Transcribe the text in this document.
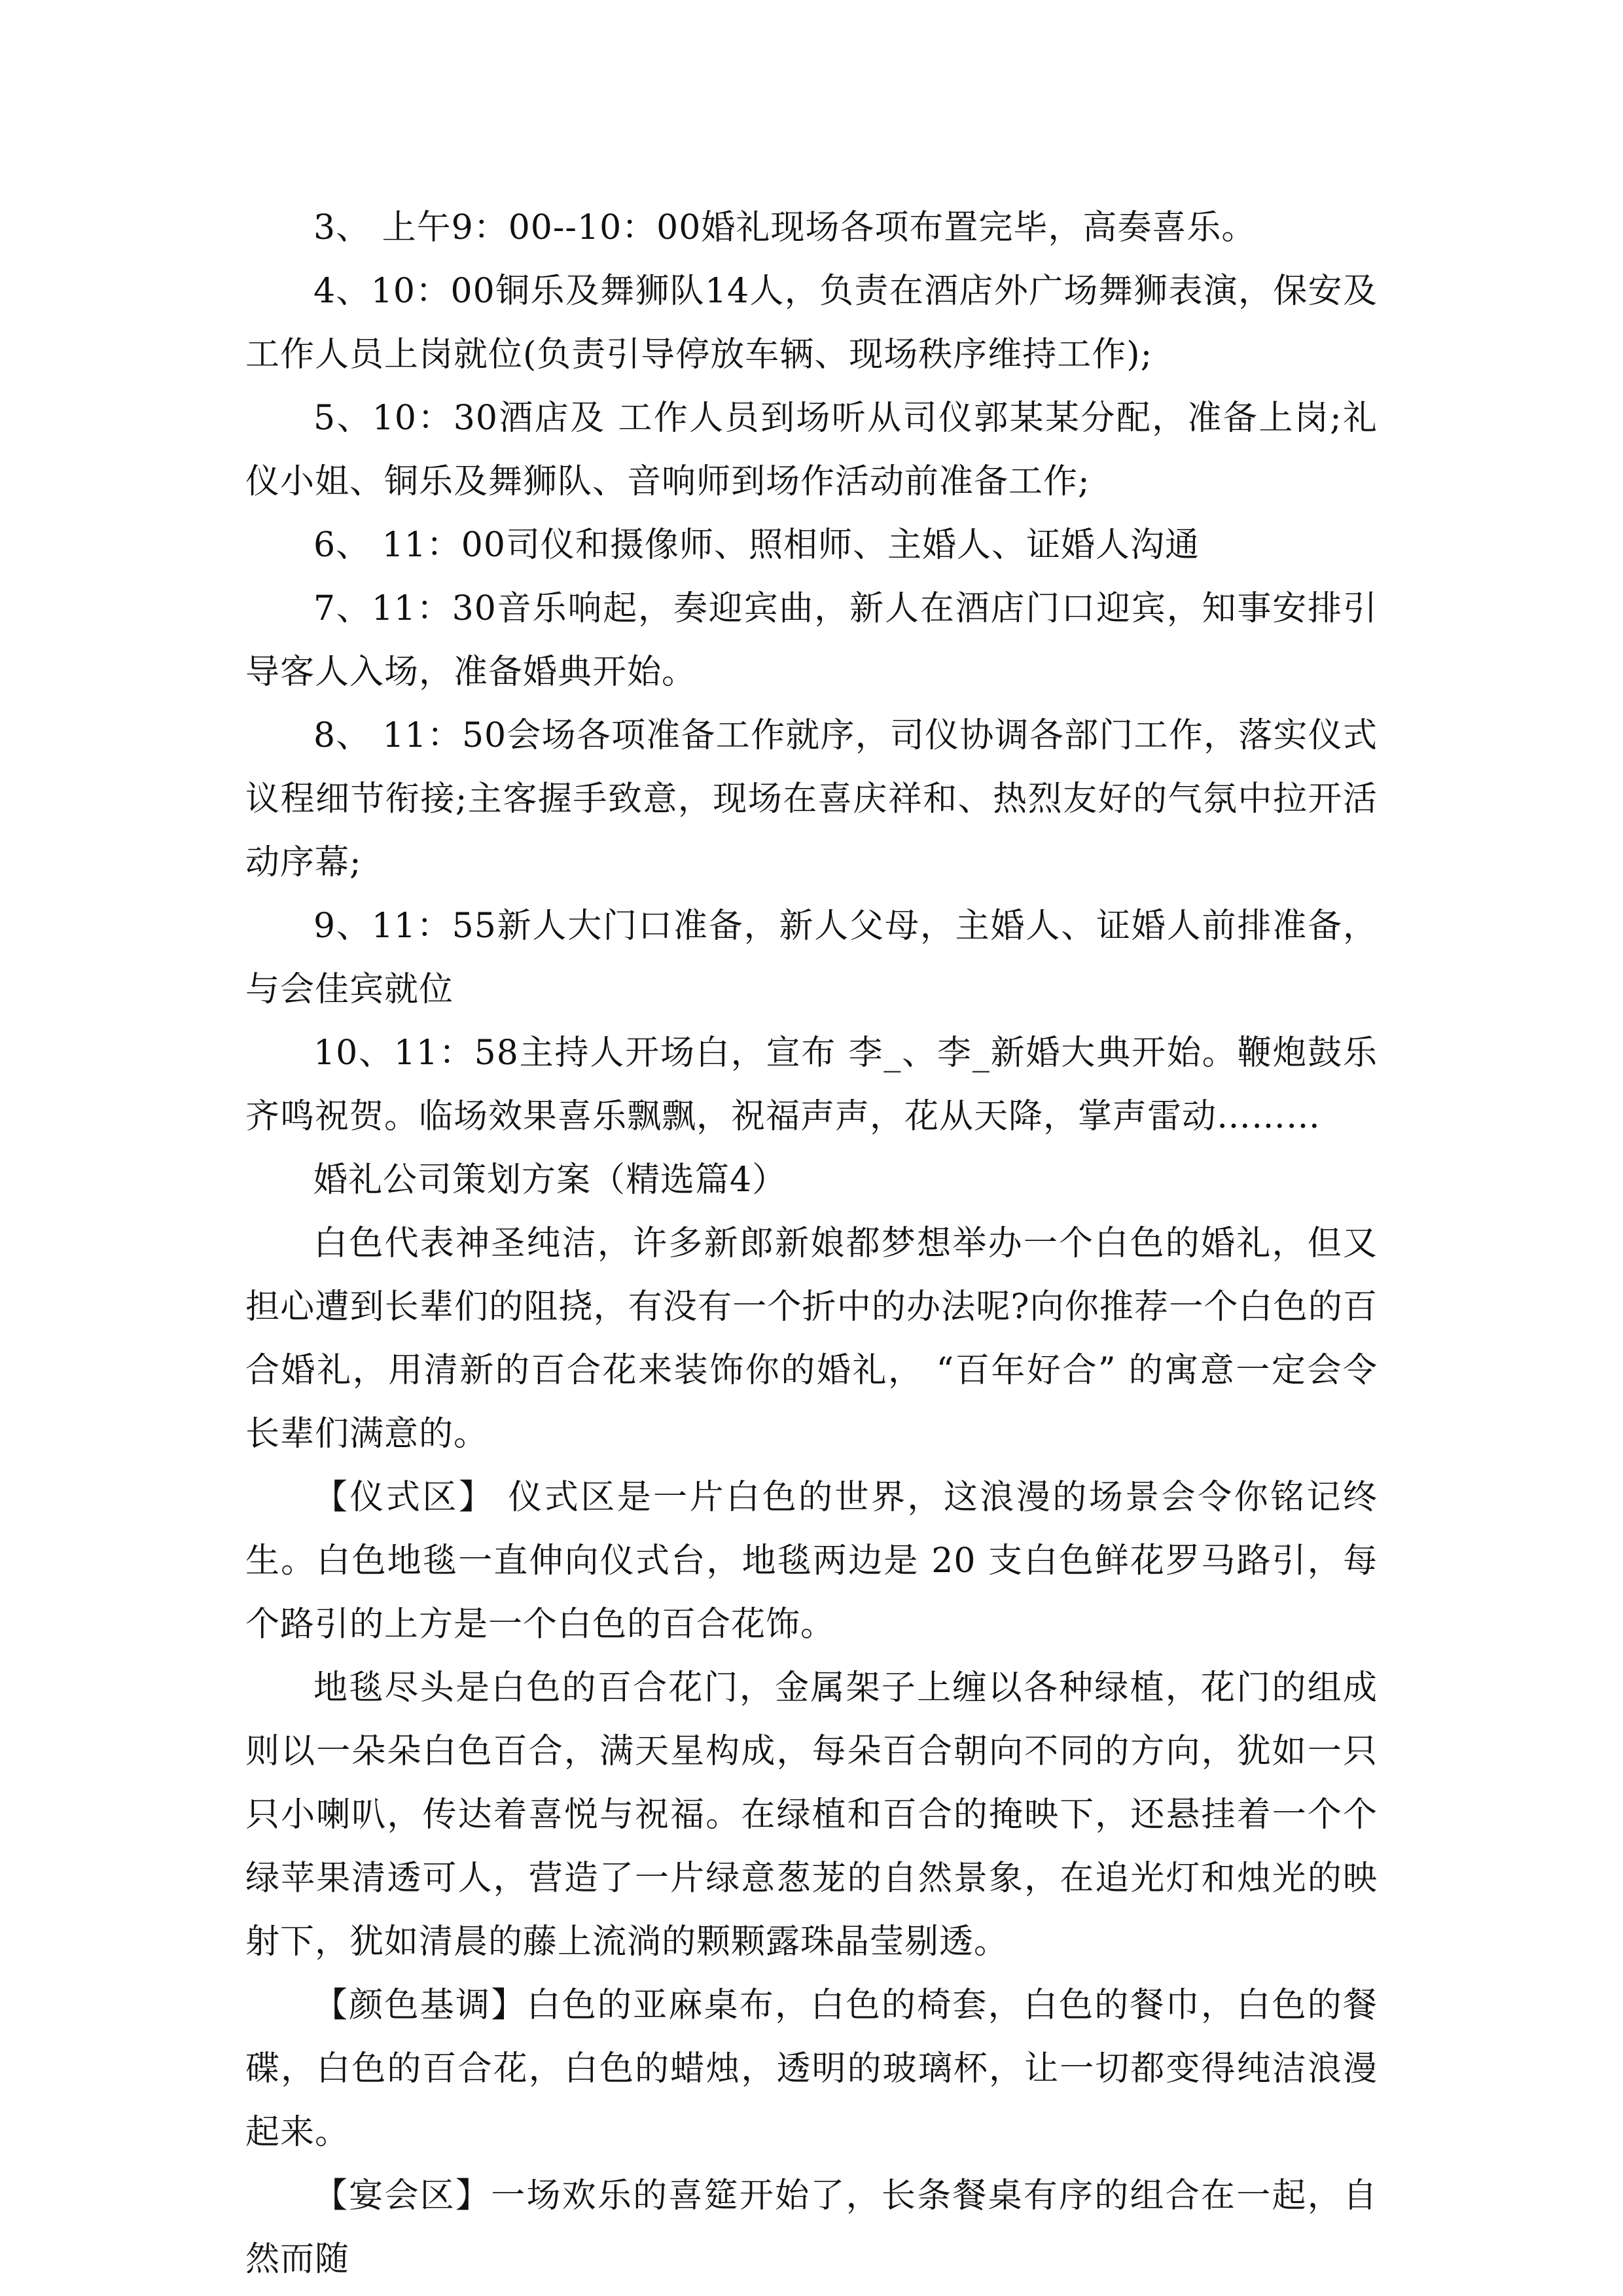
3、 上午9：00--10：00婚礼现场各项布置完毕，高奏喜乐。

4、10：00铜乐及舞狮队14人，负责在酒店外广场舞狮表演，保安及工作人员上岗就位(负责引导停放车辆、现场秩序维持工作);

5、10：30酒店及 工作人员到场听从司仪郭某某分配，准备上岗;礼仪小姐、铜乐及舞狮队、音响师到场作活动前准备工作;

6、 11：00司仪和摄像师、照相师、主婚人、证婚人沟通

7、11：30音乐响起，奏迎宾曲，新人在酒店门口迎宾，知事安排引导客人入场，准备婚典开始。

8、 11：50会场各项准备工作就序，司仪协调各部门工作，落实仪式议程细节衔接;主客握手致意，现场在喜庆祥和、热烈友好的气氛中拉开活动序幕;

9、11：55新人大门口准备，新人父母，主婚人、证婚人前排准备，与会佳宾就位

10、11：58主持人开场白，宣布 李_、李_新婚大典开始。鞭炮鼓乐齐鸣祝贺。临场效果喜乐飘飘，祝福声声，花从天降，掌声雷动………

婚礼公司策划方案（精选篇4）

白色代表神圣纯洁，许多新郎新娘都梦想举办一个白色的婚礼，但又担心遭到长辈们的阻挠，有没有一个折中的办法呢?向你推荐一个白色的百合婚礼，用清新的百合花来装饰你的婚礼， “百年好合” 的寓意一定会令长辈们满意的。

【仪式区】 仪式区是一片白色的世界，这浪漫的场景会令你铭记终生。白色地毯一直伸向仪式台，地毯两边是 20 支白色鲜花罗马路引，每个路引的上方是一个白色的百合花饰。

地毯尽头是白色的百合花门，金属架子上缠以各种绿植，花门的组成则以一朵朵白色百合，满天星构成，每朵百合朝向不同的方向，犹如一只只小喇叭，传达着喜悦与祝福。在绿植和百合的掩映下，还悬挂着一个个绿苹果清透可人，营造了一片绿意葱茏的自然景象，在追光灯和烛光的映射下，犹如清晨的藤上流淌的颗颗露珠晶莹剔透。

【颜色基调】白色的亚麻桌布，白色的椅套，白色的餐巾，白色的餐碟，白色的百合花，白色的蜡烛，透明的玻璃杯，让一切都变得纯洁浪漫起来。

【宴会区】一场欢乐的喜筵开始了，长条餐桌有序的组合在一起，自然而随
